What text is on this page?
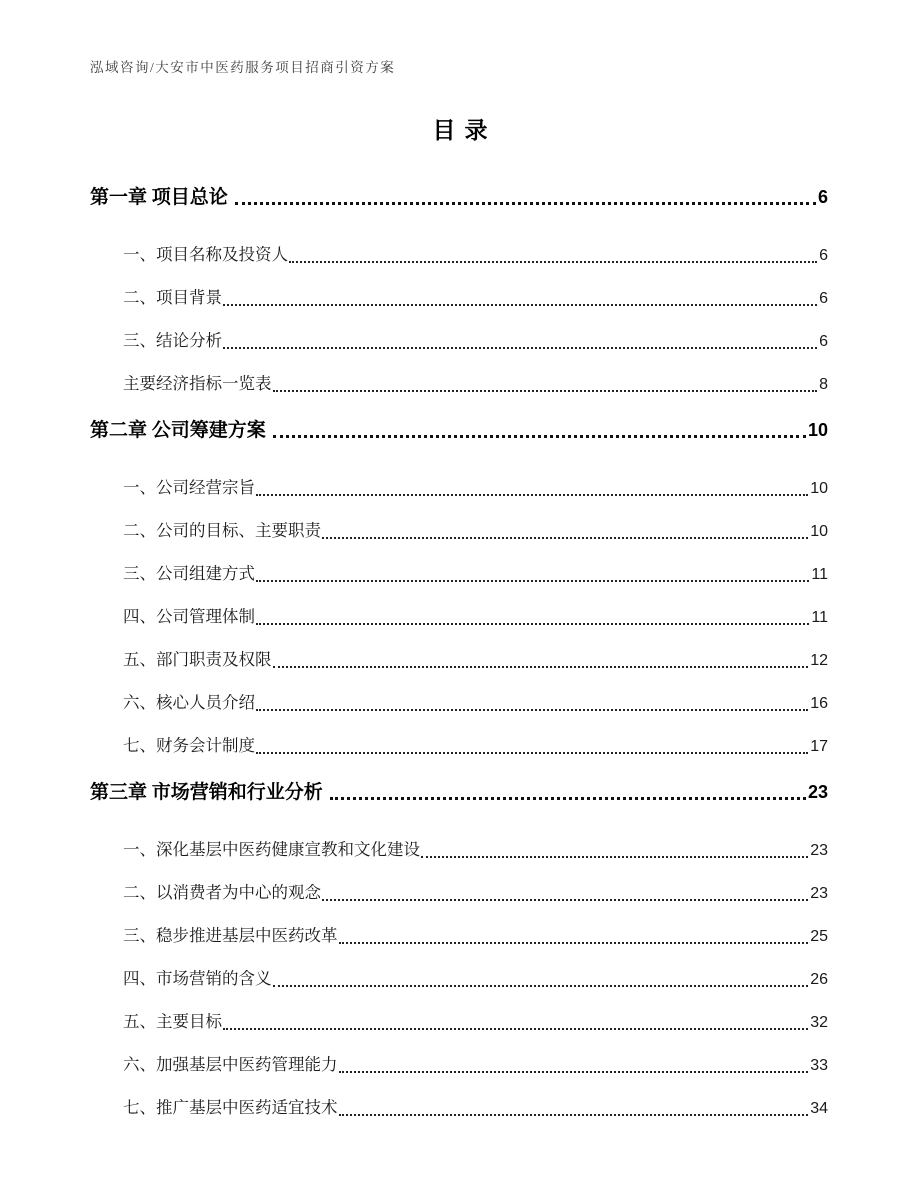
泓域咨询/大安市中医药服务项目招商引资方案
目录
第一章 项目总论	6
一、项目名称及投资人	6
二、项目背景	6
三、结论分析	6
主要经济指标一览表	8
第二章 公司筹建方案	10
一、公司经营宗旨	10
二、公司的目标、主要职责	10
三、公司组建方式	11
四、公司管理体制	11
五、部门职责及权限	12
六、核心人员介绍	16
七、财务会计制度	17
第三章 市场营销和行业分析	23
一、深化基层中医药健康宣教和文化建设	23
二、以消费者为中心的观念	23
三、稳步推进基层中医药改革	25
四、市场营销的含义	26
五、主要目标	32
六、加强基层中医药管理能力	33
七、推广基层中医药适宜技术	34
